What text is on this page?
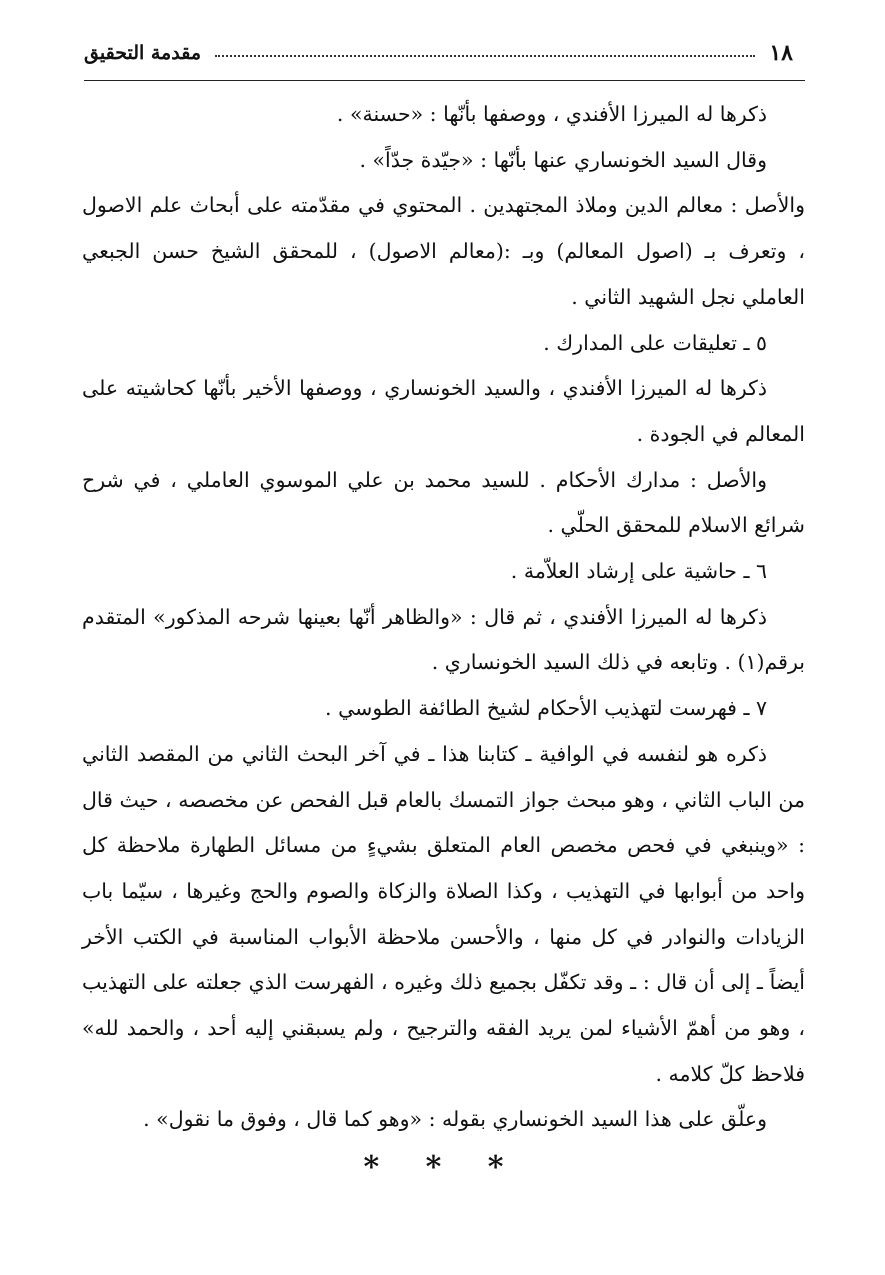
١٨
مقدمة التحقيق

ذكرها له الميرزا الأفندي ، ووصفها بأنّها : «حسنة» .

وقال السيد الخونساري عنها بأنّها : «جيّدة جدّاً» .

والأصل : معالم الدين وملاذ المجتهدين . المحتوي في مقدّمته على أبحاث علم الاصول ، وتعرف بـ (اصول المعالم) وبـ :(معالم الاصول) ، للمحقق الشيخ حسن الجبعي العاملي نجل الشهيد الثاني .

٥ ـ تعليقات على المدارك .

ذكرها له الميرزا الأفندي ، والسيد الخونساري ، ووصفها الأخير بأنّها كحاشيته على المعالم في الجودة .

والأصل : مدارك الأحكام . للسيد محمد بن علي الموسوي العاملي ، في شرح شرائع الاسلام للمحقق الحلّي .

٦ ـ حاشية على إرشاد العلاّمة .

ذكرها له الميرزا الأفندي ، ثم قال : «والظاهر أنّها بعينها شرحه المذكور» المتقدم برقم(١) . وتابعه في ذلك السيد الخونساري .

٧ ـ فهرست لتهذيب الأحكام لشيخ الطائفة الطوسي .

ذكره هو لنفسه في الوافية ـ كتابنا هذا ـ في آخر البحث الثاني من المقصد الثاني من الباب الثاني ، وهو مبحث جواز التمسك بالعام قبل الفحص عن مخصصه ، حيث قال : «وينبغي في فحص مخصص العام المتعلق بشيءٍ من مسائل الطهارة ملاحظة كل واحد من أبوابها في التهذيب ، وكذا الصلاة والزكاة والصوم والحج وغيرها ، سيّما باب الزيادات والنوادر في كل منها ، والأحسن ملاحظة الأبواب المناسبة في الكتب الأخر أيضاً ـ إلى أن قال : ـ وقد تكفّل بجميع ذلك وغيره ، الفهرست الذي جعلته على التهذيب ، وهو من أهمّ الأشياء لمن يريد الفقه والترجيح ، ولم يسبقني إليه أحد ، والحمد لله» فلاحظ كلّ كلامه .

وعلّق على هذا السيد الخونساري بقوله : «وهو كما قال ، وفوق ما نقول» .

* * *
